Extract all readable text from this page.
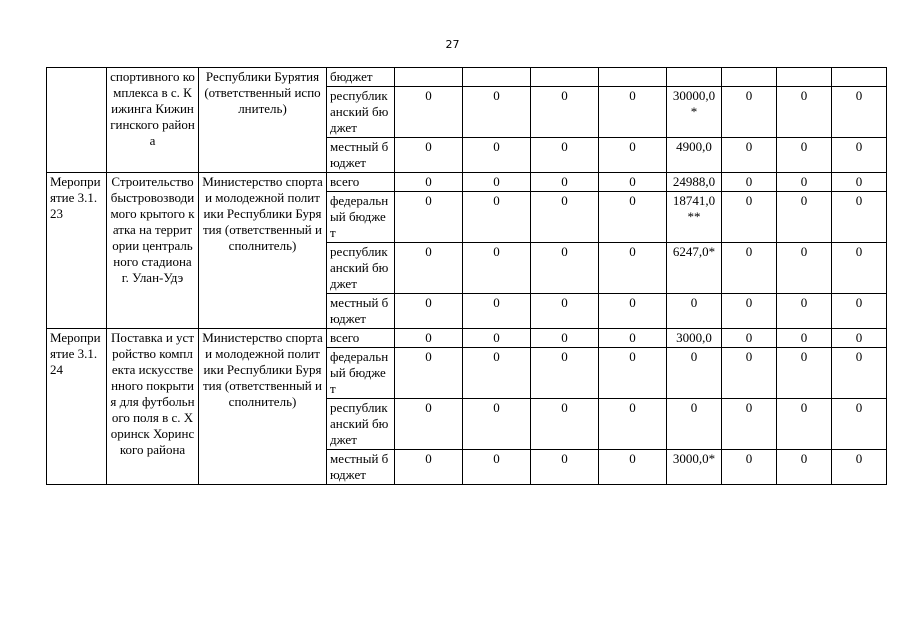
27
	спортивного комплекса в с. Кижинга Кижингинского района	Республики Бурятия (ответственный исполнитель)	бюджет								
			республиканский бюджет	0	0	0	0	30000,0*	0	0	0
			местный бюджет	0	0	0	0	4900,0	0	0	0
Мероприятие 3.1.23	Строительство быстровозводимого крытого катка на территории центрального стадиона г. Улан-Удэ	Министерство спорта и молодежной политики Республики Бурятия (ответственный исполнитель)	всего	0	0	0	0	24988,0	0	0	0
			федеральный бюджет	0	0	0	0	18741,0**	0	0	0
			республиканский бюджет	0	0	0	0	6247,0*	0	0	0
			местный бюджет	0	0	0	0	0	0	0	0
Мероприятие 3.1.24	Поставка и устройство комплекта искусственного покрытия для футбольного поля в с. Хоринск Хоринского района	Министерство спорта и молодежной политики Республики Бурятия (ответственный исполнитель)	всего	0	0	0	0	3000,0	0	0	0
			федеральный бюджет	0	0	0	0	0	0	0	0
			республиканский бюджет	0	0	0	0	0	0	0	0
			местный бюджет	0	0	0	0	3000,0*	0	0	0
